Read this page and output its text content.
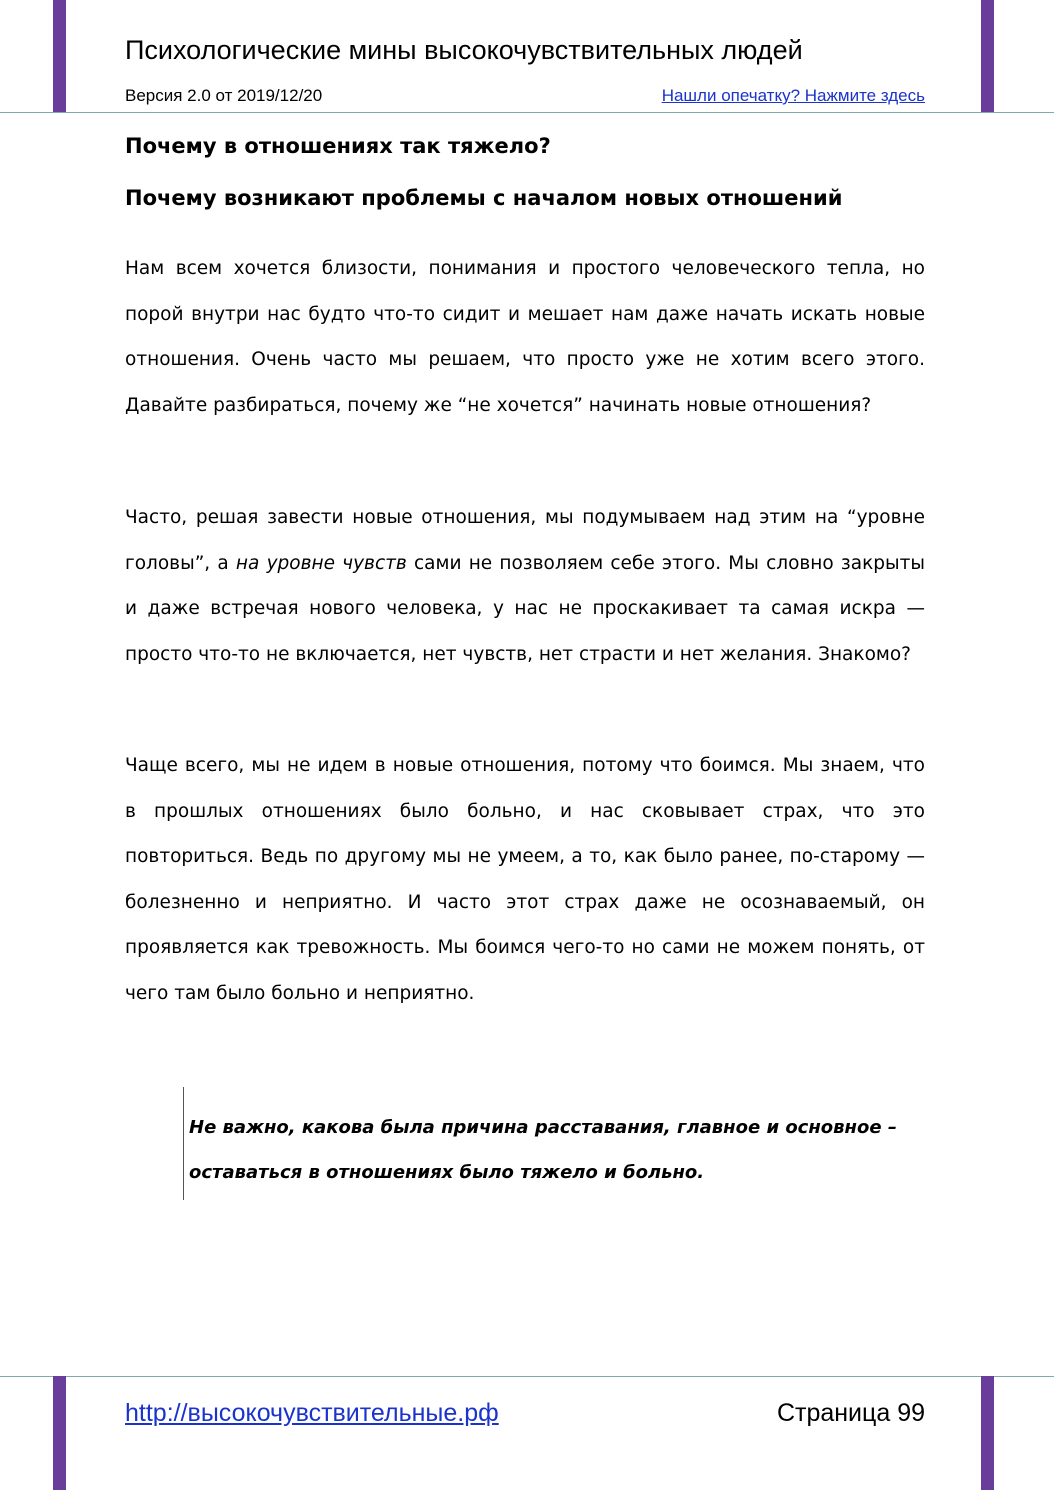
Психологические мины высокочувствительных людей
Версия 2.0 от 2019/12/20	Нашли опечатку? Нажмите здесь
Почему в отношениях так тяжело?
Почему возникают проблемы с началом новых отношений

Нам всем хочется близости, понимания и простого человеческого тепла, но порой внутри нас будто что-то сидит и мешает нам даже начать искать новые отношения. Очень часто мы решаем, что просто уже не хотим всего этого. Давайте разбираться, почему же “не хочется” начинать новые отношения?

Часто, решая завести новые отношения, мы подумываем над этим на “уровне головы”, а на уровне чувств сами не позволяем себе этого. Мы словно закрыты и даже встречая нового человека, у нас не проскакивает та самая искра — просто что-то не включается, нет чувств, нет страсти и нет желания. Знакомо?

Чаще всего, мы не идем в новые отношения, потому что боимся. Мы знаем, что в прошлых отношениях было больно, и нас сковывает страх, что это повториться. Ведь по другому мы не умеем, а то, как было ранее, по-старому — болезненно и неприятно. И часто этот страх даже не осознаваемый, он проявляется как тревожность. Мы боимся чего-то но сами не можем понять, от чего там было больно и неприятно.

Не важно, какова была причина расставания, главное и основное – оставаться в отношениях было тяжело и больно.

http://высокочувствительные.рф	Страница 99
